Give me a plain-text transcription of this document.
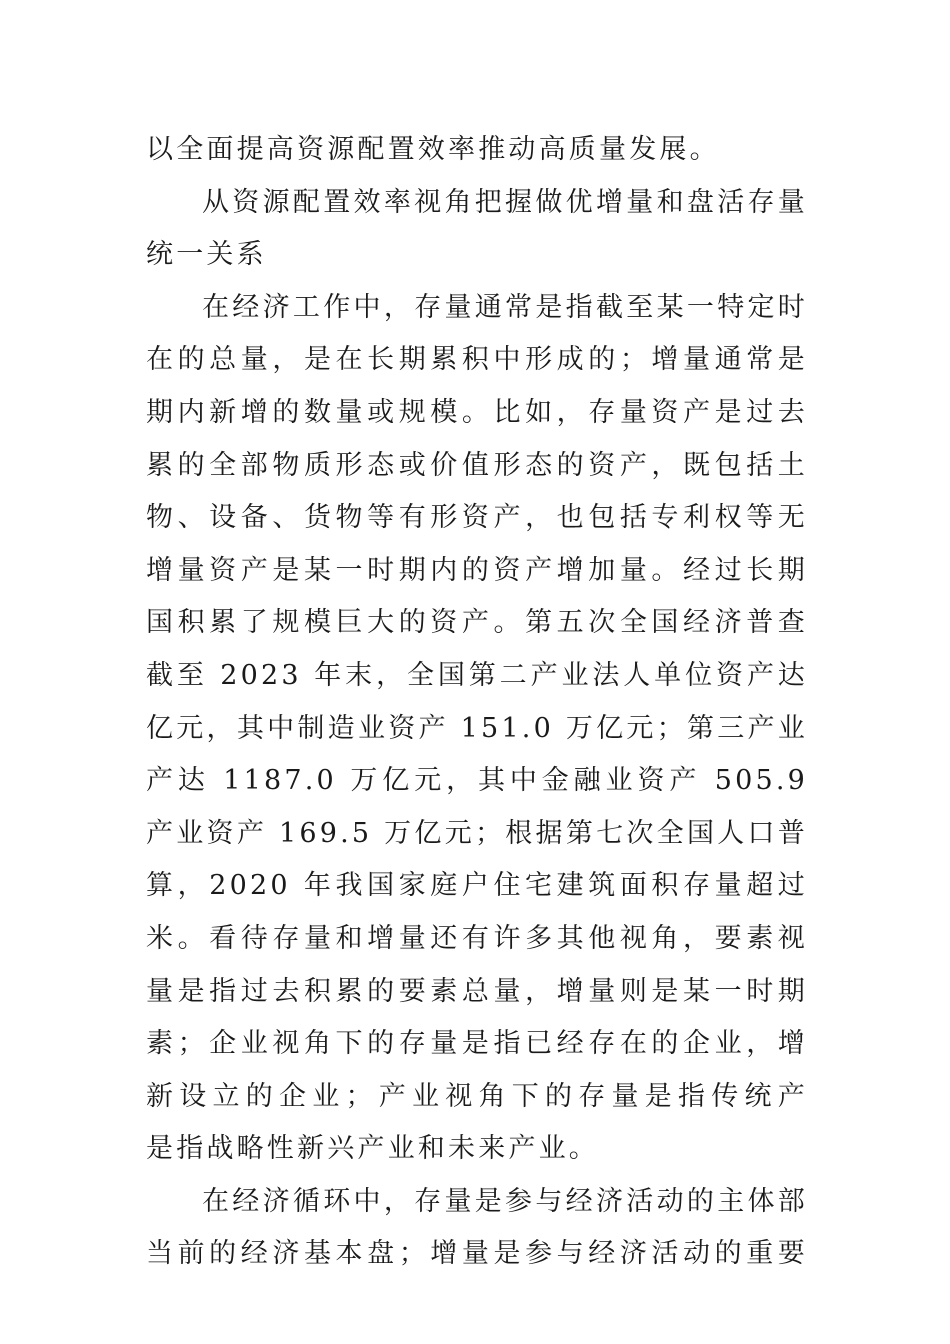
以全面提高资源配置效率推动高质量发展。
从资源配置效率视角把握做优增量和盘活存量
统一关系
在经济工作中，存量通常是指截至某一特定时
在的总量，是在长期累积中形成的；增量通常是
期内新增的数量或规模。比如，存量资产是过去
累的全部物质形态或价值形态的资产，既包括土
物、设备、货物等有形资产，也包括专利权等无
增量资产是某一时期内的资产增加量。经过长期
国积累了规模巨大的资产。第五次全国经济普查
截至 2023 年末，全国第二产业法人单位资产达
亿元，其中制造业资产 151.0 万亿元；第三产业
产达 1187.0 万亿元，其中金融业资产 505.9
产业资产 169.5 万亿元；根据第七次全国人口普
算，2020 年我国家庭户住宅建筑面积存量超过
米。看待存量和增量还有许多其他视角，要素视
量是指过去积累的要素总量，增量则是某一时期
素；企业视角下的存量是指已经存在的企业，增
新设立的企业；产业视角下的存量是指传统产
是指战略性新兴产业和未来产业。
在经济循环中，存量是参与经济活动的主体部
当前的经济基本盘；增量是参与经济活动的重要
